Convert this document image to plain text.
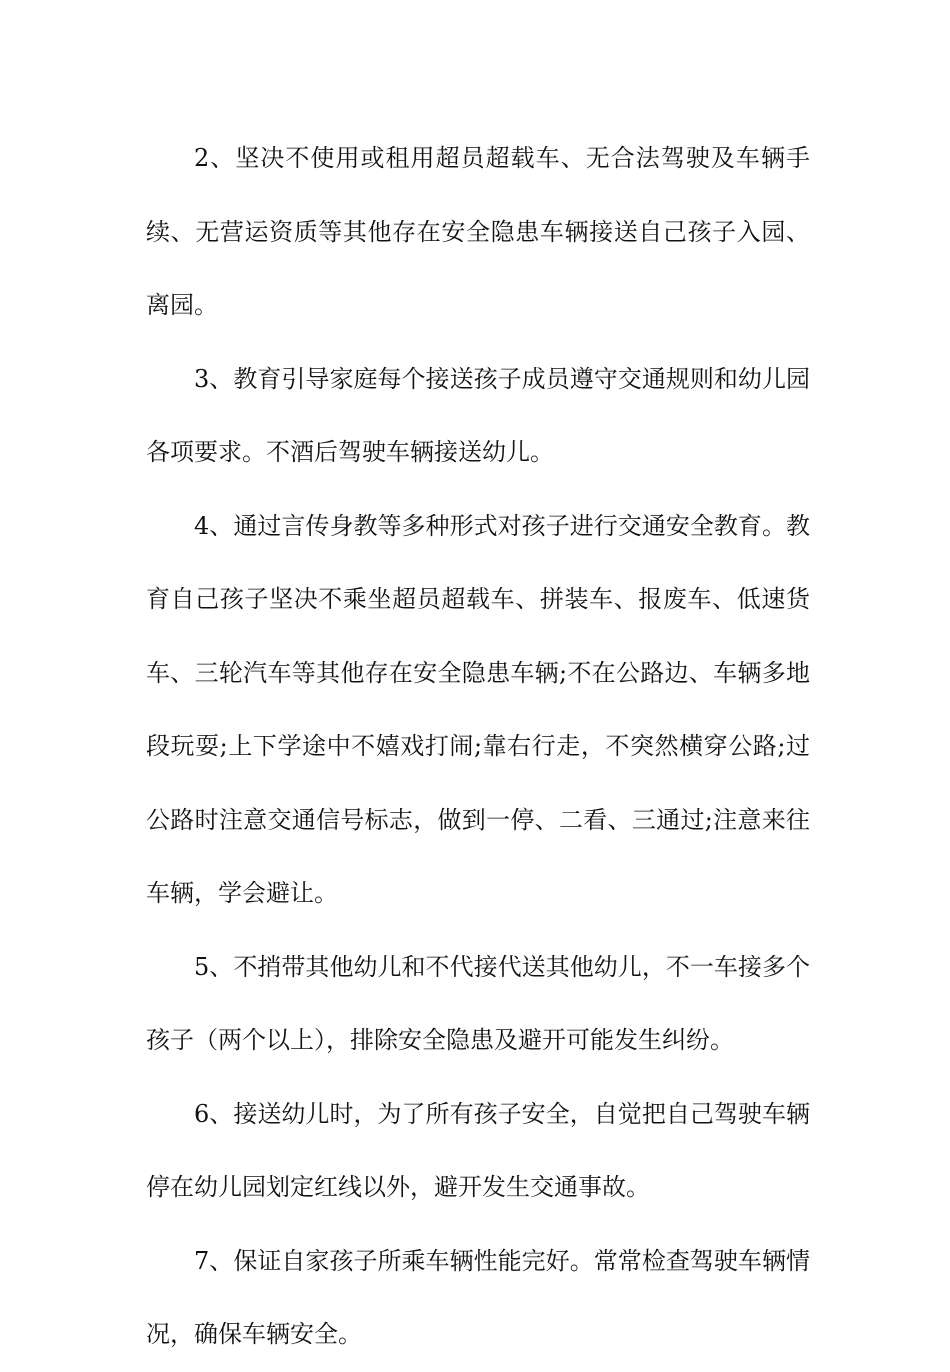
2、坚决不使用或租用超员超载车、无合法驾驶及车辆手续、无营运资质等其他存在安全隐患车辆接送自己孩子入园、离园。

3、教育引导家庭每个接送孩子成员遵守交通规则和幼儿园各项要求。不酒后驾驶车辆接送幼儿。

4、通过言传身教等多种形式对孩子进行交通安全教育。教育自己孩子坚决不乘坐超员超载车、拼装车、报废车、低速货车、三轮汽车等其他存在安全隐患车辆;不在公路边、车辆多地段玩耍;上下学途中不嬉戏打闹;靠右行走，不突然横穿公路;过公路时注意交通信号标志，做到一停、二看、三通过;注意来往车辆，学会避让。

5、不捎带其他幼儿和不代接代送其他幼儿，不一车接多个孩子（两个以上），排除安全隐患及避开可能发生纠纷。

6、接送幼儿时，为了所有孩子安全，自觉把自己驾驶车辆停在幼儿园划定红线以外，避开发生交通事故。

7、保证自家孩子所乘车辆性能完好。常常检查驾驶车辆情况，确保车辆安全。
